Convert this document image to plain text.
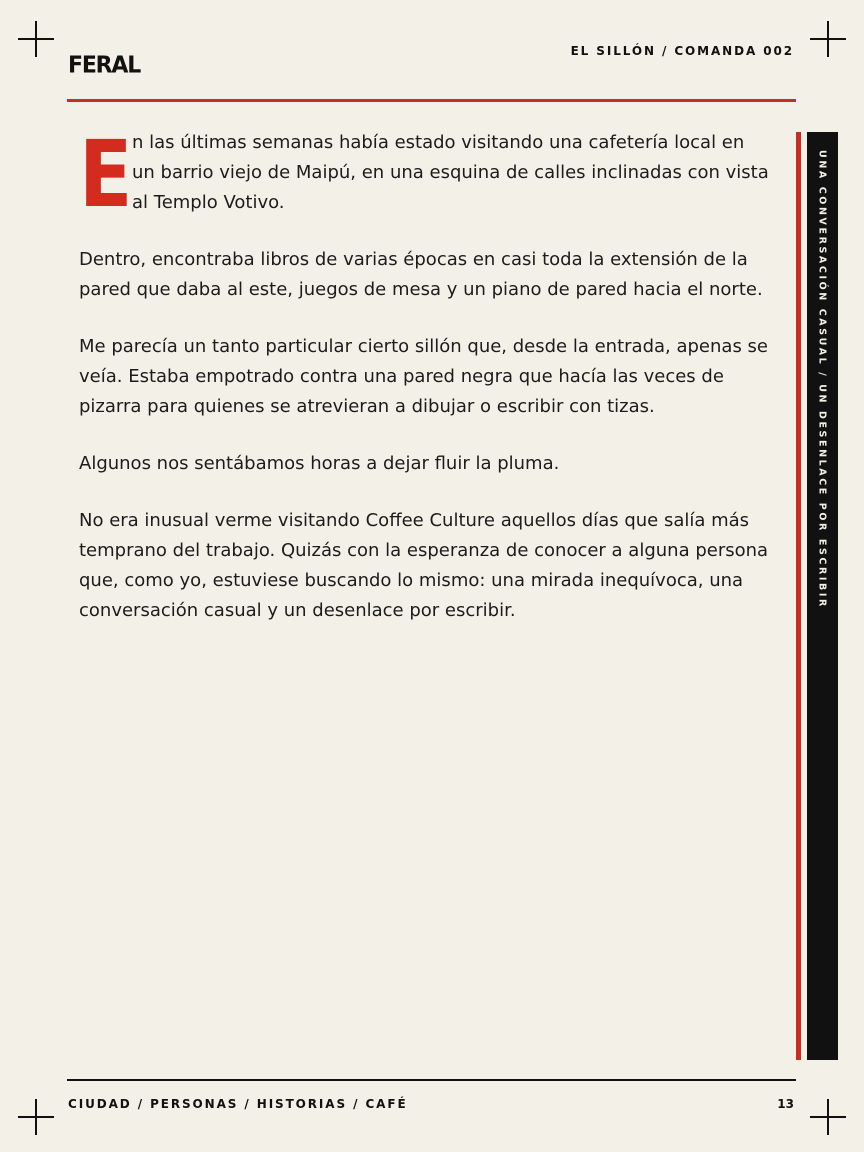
FERAL
EL SILLÓN / COMANDA 002

E n las últimas semanas había estado visitando una cafetería local en un barrio viejo de Maipú, en una esquina de calles inclinadas con vista al Templo Votivo.

Dentro, encontraba libros de varias épocas en casi toda la extensión de la pared que daba al este, juegos de mesa y un piano de pared hacia el norte.

Me parecía un tanto particular cierto sillón que, desde la entrada, apenas se veía. Estaba empotrado contra una pared negra que hacía las veces de pizarra para quienes se atrevieran a dibujar o escribir con tizas.

Algunos nos sentábamos horas a dejar fluir la pluma.

No era inusual verme visitando Coffee Culture aquellos días que salía más temprano del trabajo. Quizás con la esperanza de conocer a alguna persona que, como yo, estuviese buscando lo mismo: una mirada inequívoca, una conversación casual y un desenlace por escribir.

UNA CONVERSACIÓN CASUAL / UN DESENLACE POR ESCRIBIR
CIUDAD / PERSONAS / HISTORIAS / CAFÉ	13
